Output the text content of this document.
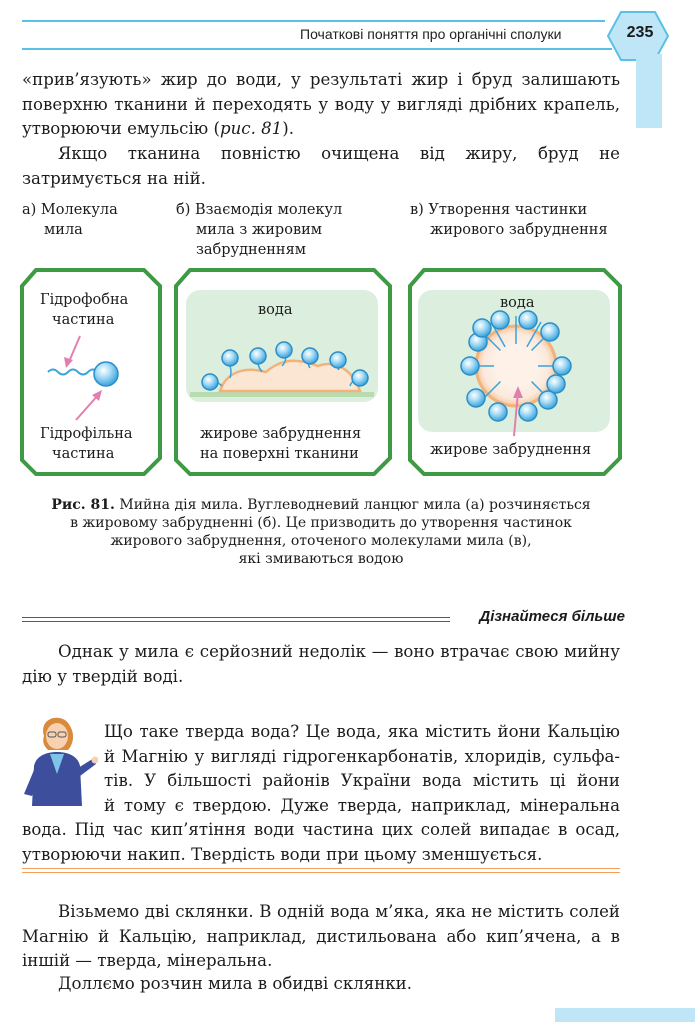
Початкові поняття про органічні сполуки	235

«прив’язують» жир до води, у результаті жир і бруд залишають поверхню тканини й переходять у воду у вигляді дрібних крапель, утворюючи емульсію (рис. 81).

Якщо тканина повністю очищена від жиру, бруд не затримується на ній.

а) Молекула
мила
б) Взаємодія молекул
мила з жировим
забрудненням
в) Утворення частинки
жирового забруднення
Гідрофобна
частина
Гідрофільна
частина
вода	вода
жирове забруднення
на поверхні тканини	жирове забруднення

Рис. 81. Мийна дія мила. Вуглеводневий ланцюг мила (а) розчиняється

в жировому забрудненні (б). Це призводить до утворення частинок

жирового забруднення, оточеного молекулами мила (в),

які змиваються водою

Дізнайтеся більше

Однак у мила є серйозний недолік — воно втрачає свою мийну дію у твердій воді.

Що таке тверда вода? Це вода, яка містить йони Кальцію
й Магнію у вигляді гідрогенкарбонатів, хлоридів, сульфа-
тів. У більшості районів України вода містить ці йони
й тому є твердою. Дуже тверда, наприклад, мінеральна

вода. Під час кип’ятіння води частина цих солей випадає в осад, утворюючи накип. Твердість води при цьому зменшується.

Візьмемо дві склянки. В одній вода м’яка, яка не містить солей Магнію й Кальцію, наприклад, дистильована або кип’ячена, а в іншій — тверда, мінеральна.

Доллємо розчин мила в обидві склянки.
